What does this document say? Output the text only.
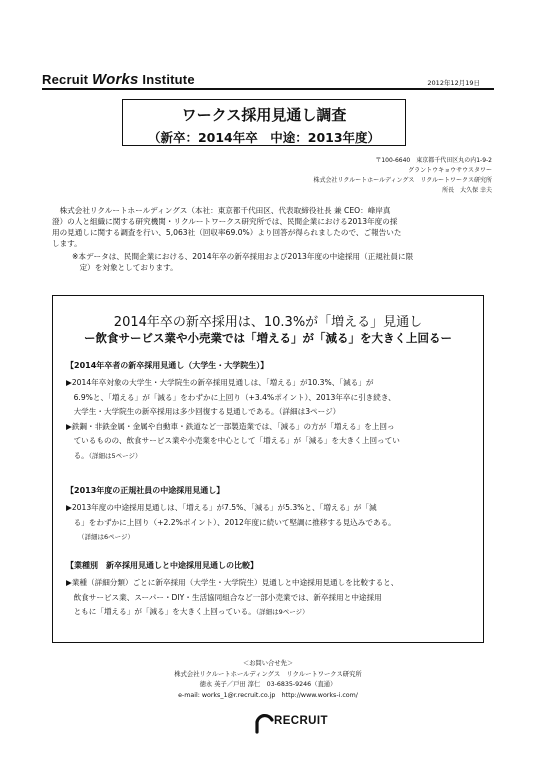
Recruit Works Institute	2012年12月19日
ワークス採用見通し調査
（新卒：2014年卒　中途：2013年度）
〒100-6640　東京都千代田区丸の内1-9-2
グラントウキョウサウスタワー
株式会社リクルートホールディングス　リクルートワークス研究所
所長　大久保 幸夫
　株式会社リクルートホールディングス（本社：東京都千代田区、代表取締役社長 兼 CEO：峰岸真
澄）の人と組織に関する研究機関・リクルートワークス研究所では、民間企業における2013年度の採
用の見通しに関する調査を行い、5,063社（回収率69.0%）より回答が得られましたので、ご報告いた
します。
※本データは、民間企業における、2014年卒の新卒採用および2013年度の中途採用（正規社員に限
　定）を対象としております。
2014年卒の新卒採用は、10.3%が「増える」見通し
ー飲食サービス業や小売業では「増える」が「減る」を大きく上回るー
【2014年卒者の新卒採用見通し（大学生・大学院生）】
▶2014年卒対象の大学生・大学院生の新卒採用見通しは、「増える」が10.3%、「減る」が
　6.9%と、「増える」が「減る」をわずかに上回り（+3.4%ポイント）、2013年卒に引き続き、
　大学生・大学院生の新卒採用は多少回復する見通しである。（詳細は3ページ）
▶鉄鋼・非鉄金属・金属や自動車・鉄道など一部製造業では、「減る」の方が「増える」を上回っ
　ているものの、飲食サービス業や小売業を中心として「増える」が「減る」を大きく上回ってい
　る。（詳細は5ページ）
【2013年度の正規社員の中途採用見通し】
▶2013年度の中途採用見通しは、「増える」が7.5%、「減る」が5.3%と、「増える」が「減
　る」をわずかに上回り（+2.2%ポイント）、2012年度に続いて堅調に推移する見込みである。
（詳細は6ページ）
【業種別　新卒採用見通しと中途採用見通しの比較】
▶業種（詳細分類）ごとに新卒採用（大学生・大学院生）見通しと中途採用見通しを比較すると、
　飲食サービス業、スーパー・DIY・生活協同組合など一部小売業では、新卒採用と中途採用
　ともに「増える」が「減る」を大きく上回っている。（詳細は9ページ）
＜お問い合せ先＞
株式会社リクルートホールディングス　リクルートワークス研究所
徳永 英子／戸田 淳仁　03-6835-9246（直通）
e-mail: works_1@r.recruit.co.jp　http://www.works-i.com/
RECRUIT
